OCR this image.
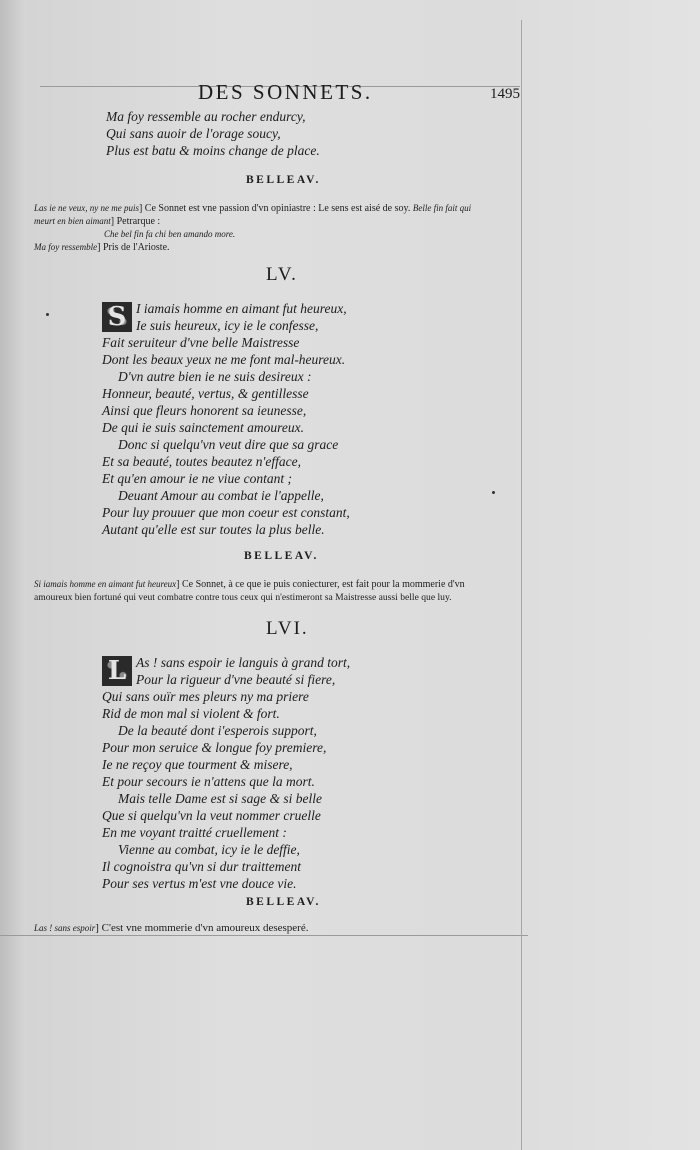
DES SONNETS.	1495
Ma foy ressemble au rocher endurcy,
Qui sans auoir de l'orage soucy,
Plus est batu & moins change de place.
BELLEAV.
Las ie ne veux, ny ne me puis] Ce Sonnet est vne passion d'vn opiniastre : Le sens est aisé de soy. Belle fin fait qui
meurt en bien aimant] Petrarque :
Che bel fin fa chi ben amando more.
Ma foy ressemble] Pris de l'Arioste.
LV.
S I iamais homme en aimant fut heureux,
Ie suis heureux, icy ie le confesse,
Fait seruiteur d'vne belle Maistresse
Dont les beaux yeux ne me font mal-heureux.
D'vn autre bien ie ne suis desireux :
Honneur, beauté, vertus, & gentillesse
Ainsi que fleurs honorent sa ieunesse,
De qui ie suis sainctement amoureux.
Donc si quelqu'vn veut dire que sa grace
Et sa beauté, toutes beautez n'efface,
Et qu'en amour ie ne viue contant ;
Deuant Amour au combat ie l'appelle,
Pour luy prouuer que mon coeur est constant,
Autant qu'elle est sur toutes la plus belle.
BELLEAV.
Si iamais homme en aimant fut heureux] Ce Sonnet, à ce que ie puis coniecturer, est fait pour la mommerie d'vn
amoureux bien fortuné qui veut combatre contre tous ceux qui n'estimeront sa Maistresse aussi belle que luy.
LVI.
L As ! sans espoir ie languis à grand tort,
Pour la rigueur d'vne beauté si fiere,
Qui sans ouïr mes pleurs ny ma priere
Rid de mon mal si violent & fort.
De la beauté dont i'esperois support,
Pour mon seruice & longue foy premiere,
Ie ne reçoy que tourment & misere,
Et pour secours ie n'attens que la mort.
Mais telle Dame est si sage & si belle
Que si quelqu'vn la veut nommer cruelle
En me voyant traitté cruellement :
Vienne au combat, icy ie le deffie,
Il cognoistra qu'vn si dur traittement
Pour ses vertus m'est vne douce vie.
BELLEAV.
Las ! sans espoir] C'est vne mommerie d'vn amoureux desesperé.
